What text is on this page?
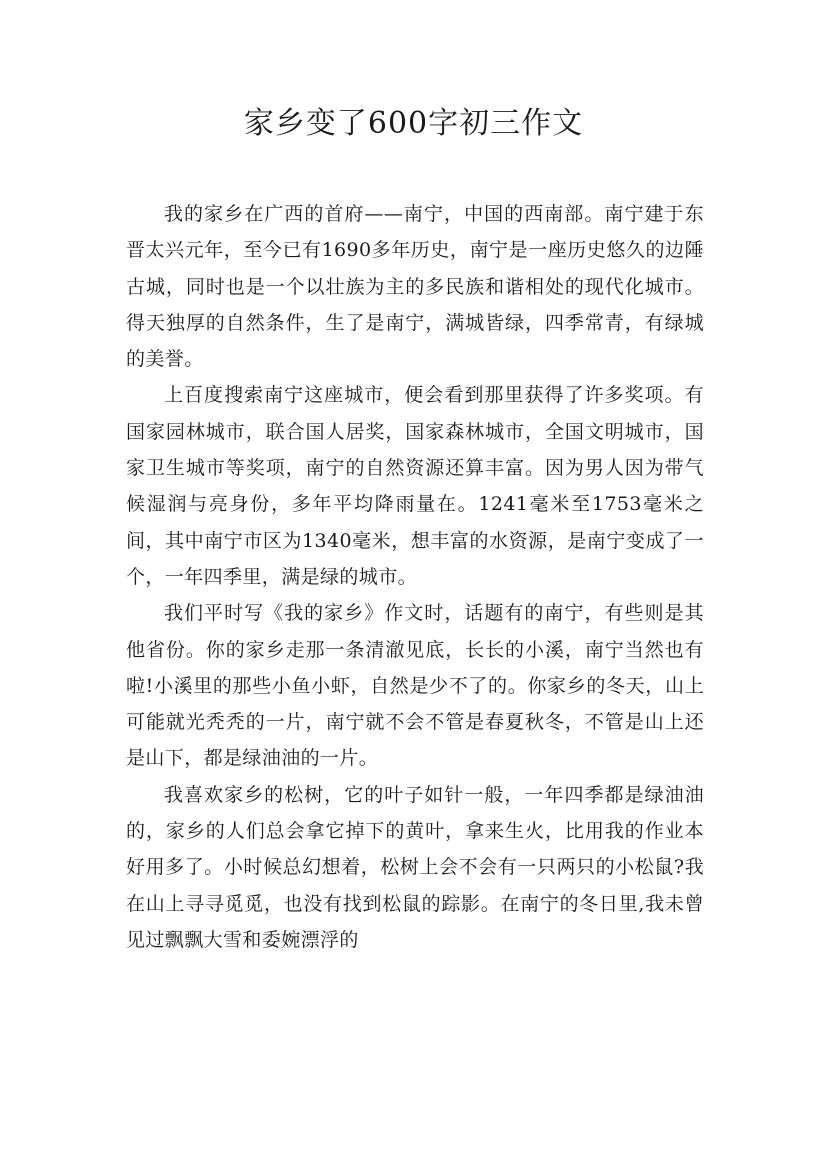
家乡变了600字初三作文

我的家乡在广西的首府——南宁，中国的西南部。南宁建于东晋太兴元年，至今已有1690多年历史，南宁是一座历史悠久的边陲古城，同时也是一个以壮族为主的多民族和谐相处的现代化城市。得天独厚的自然条件，生了是南宁，满城皆绿，四季常青，有绿城的美誉。

上百度搜索南宁这座城市，便会看到那里获得了许多奖项。有国家园林城市，联合国人居奖，国家森林城市，全国文明城市，国家卫生城市等奖项，南宁的自然资源还算丰富。因为男人因为带气候湿润与亮身份，多年平均降雨量在。1241毫米至1753毫米之间，其中南宁市区为1340毫米，想丰富的水资源，是南宁变成了一个，一年四季里，满是绿的城市。

我们平时写《我的家乡》作文时，话题有的南宁，有些则是其他省份。你的家乡走那一条清澈见底，长长的小溪，南宁当然也有啦!小溪里的那些小鱼小虾，自然是少不了的。你家乡的冬天，山上可能就光秃秃的一片，南宁就不会不管是春夏秋冬，不管是山上还是山下，都是绿油油的一片。

我喜欢家乡的松树，它的叶子如针一般，一年四季都是绿油油的，家乡的人们总会拿它掉下的黄叶，拿来生火，比用我的作业本好用多了。小时候总幻想着，松树上会不会有一只两只的小松鼠?我在山上寻寻觅觅，也没有找到松鼠的踪影。在南宁的冬日里,我未曾见过飘飘大雪和委婉漂浮的
